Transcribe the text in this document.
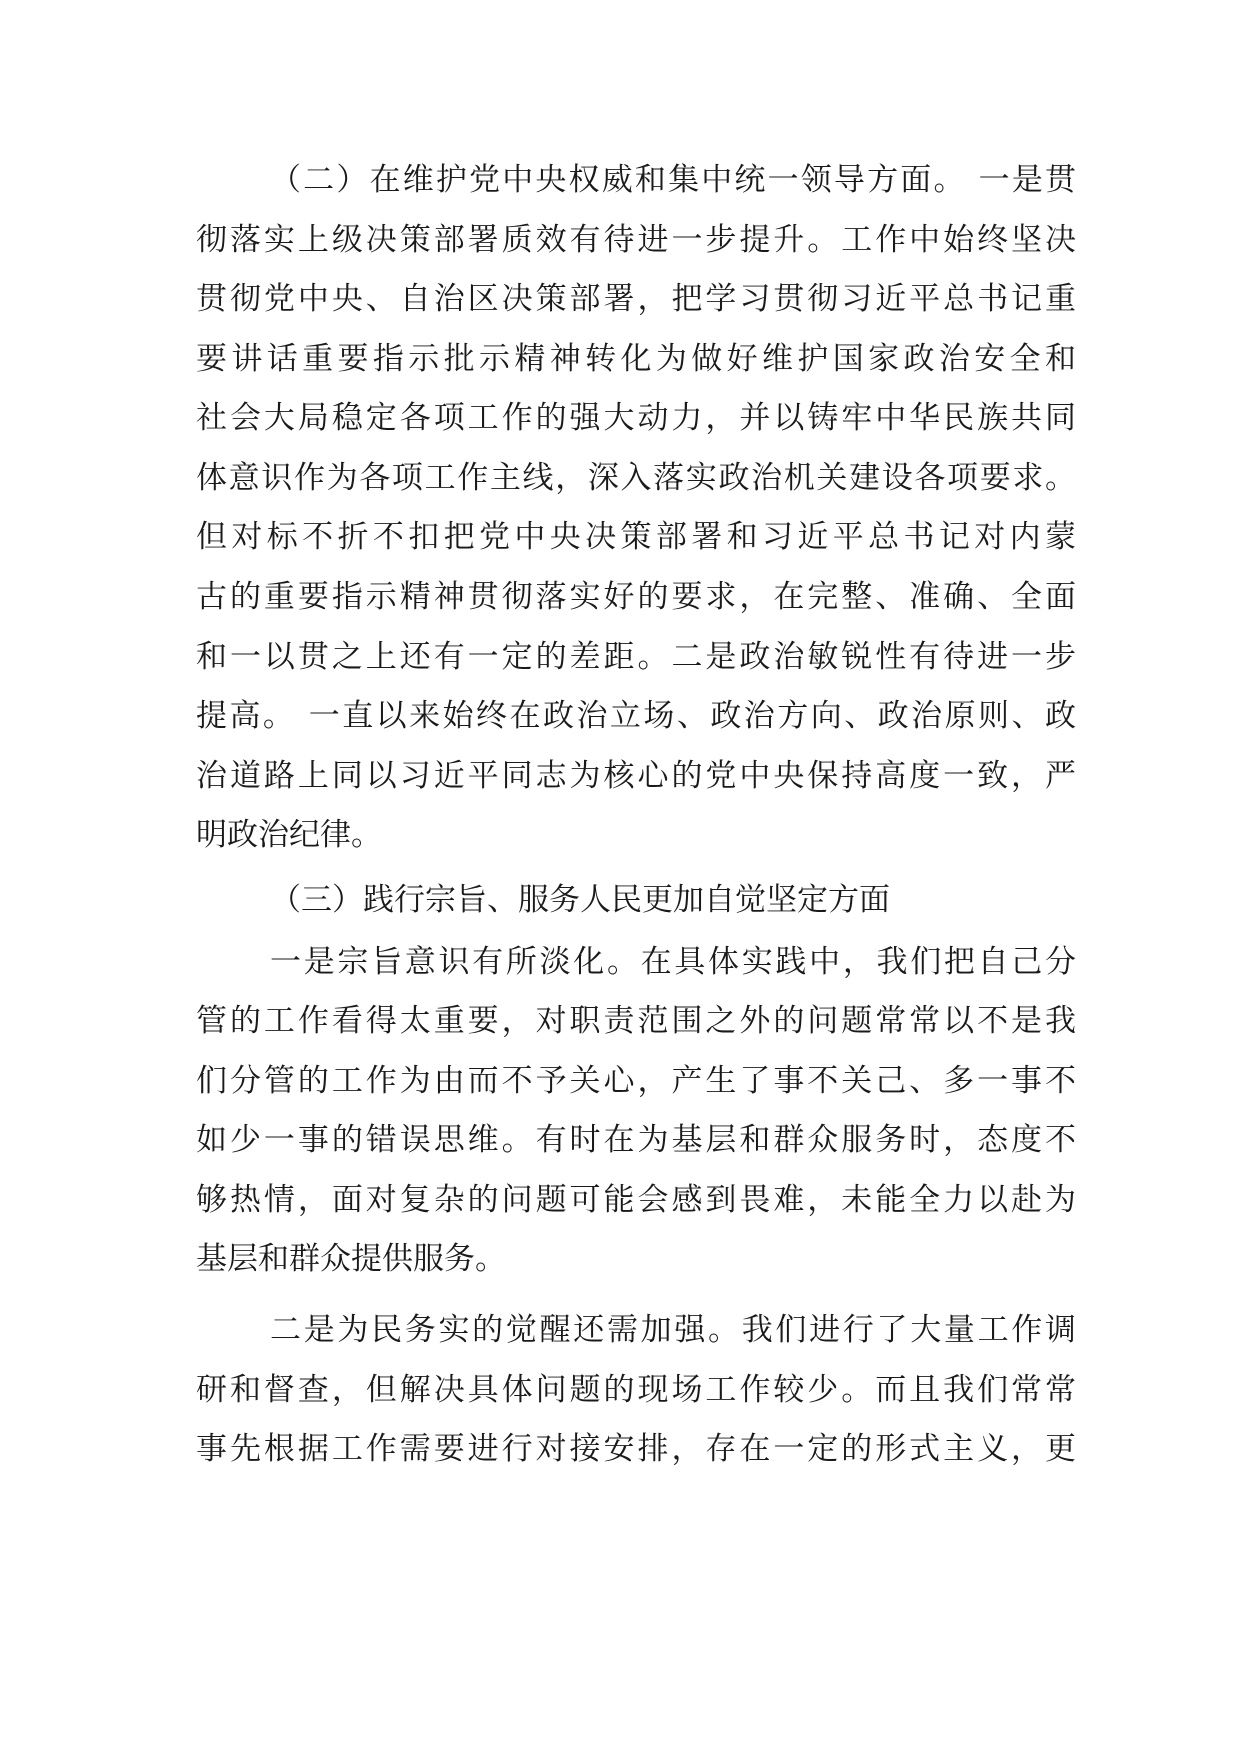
（二）在维护党中央权威和集中统一领导方面。 一是贯
彻落实上级决策部署质效有待进一步提升。工作中始终坚决
贯彻党中央、自治区决策部署，把学习贯彻习近平总书记重
要讲话重要指示批示精神转化为做好维护国家政治安全和
社会大局稳定各项工作的强大动力，并以铸牢中华民族共同
体意识作为各项工作主线，深入落实政治机关建设各项要求。
但对标不折不扣把党中央决策部署和习近平总书记对内蒙
古的重要指示精神贯彻落实好的要求，在完整、准确、全面
和一以贯之上还有一定的差距。二是政治敏锐性有待进一步
提高。 一直以来始终在政治立场、政治方向、政治原则、政
治道路上同以习近平同志为核心的党中央保持高度一致，严
明政治纪律。
（三）践行宗旨、服务人民更加自觉坚定方面
一是宗旨意识有所淡化。在具体实践中，我们把自己分
管的工作看得太重要，对职责范围之外的问题常常以不是我
们分管的工作为由而不予关心，产生了事不关己、多一事不
如少一事的错误思维。有时在为基层和群众服务时，态度不
够热情，面对复杂的问题可能会感到畏难，未能全力以赴为
基层和群众提供服务。
二是为民务实的觉醒还需加强。我们进行了大量工作调
研和督查，但解决具体问题的现场工作较少。而且我们常常
事先根据工作需要进行对接安排，存在一定的形式主义，更
